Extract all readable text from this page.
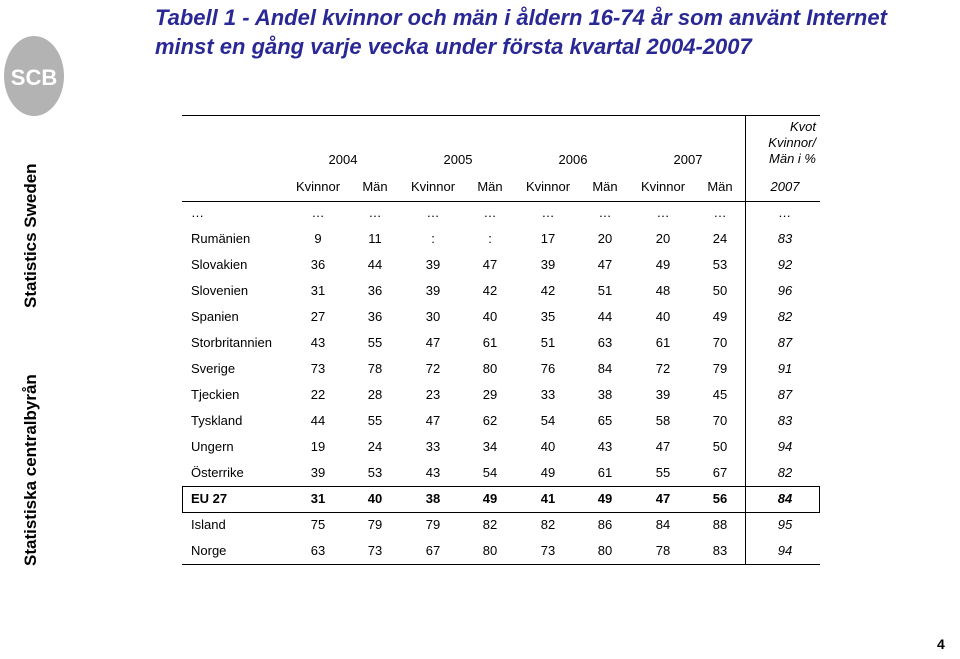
SCB
Statistiska centralbyrån
Statistics Sweden
Tabell 1 - Andel kvinnor och män i åldern 16-74 år som använt Internet minst en gång varje vecka under första kvartal 2004-2007
Kvot
Kvinnor/
Män i %
2007
2004	2005	2006	2007
Kvinnor	Män	Kvinnor	Män	Kvinnor	Män	Kvinnor	Män
…	…	…	…	…	…	…	…	…	…
Rumänien	9	11	:	:	17	20	20	24	83
Slovakien	36	44	39	47	39	47	49	53	92
Slovenien	31	36	39	42	42	51	48	50	96
Spanien	27	36	30	40	35	44	40	49	82
Storbritannien	43	55	47	61	51	63	61	70	87
Sverige	73	78	72	80	76	84	72	79	91
Tjeckien	22	28	23	29	33	38	39	45	87
Tyskland	44	55	47	62	54	65	58	70	83
Ungern	19	24	33	34	40	43	47	50	94
Österrike	39	53	43	54	49	61	55	67	82
EU 27	31	40	38	49	41	49	47	56	84
Island	75	79	79	82	82	86	84	88	95
Norge	63	73	67	80	73	80	78	83	94
4
